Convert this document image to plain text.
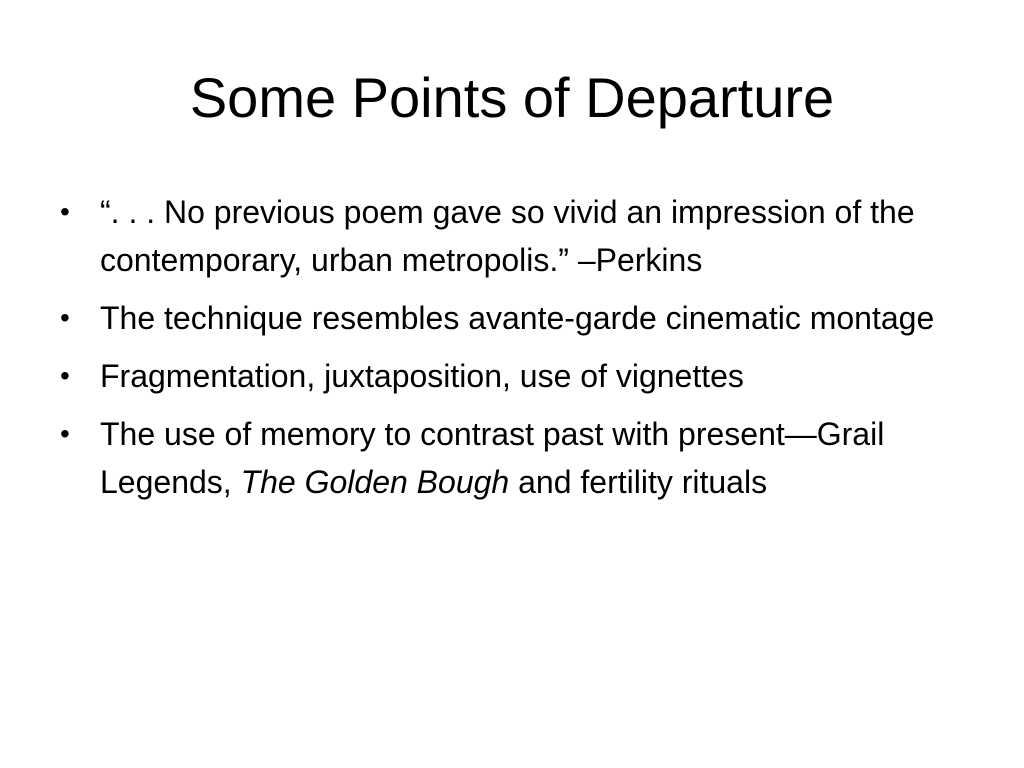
Some Points of Departure
• “. . . No previous poem gave so vivid an impression of the contemporary, urban metropolis.” –Perkins
• The technique resembles avante-garde cinematic montage
• Fragmentation, juxtaposition, use of vignettes
• The use of memory to contrast past with present—Grail Legends, The Golden Bough and fertility rituals
